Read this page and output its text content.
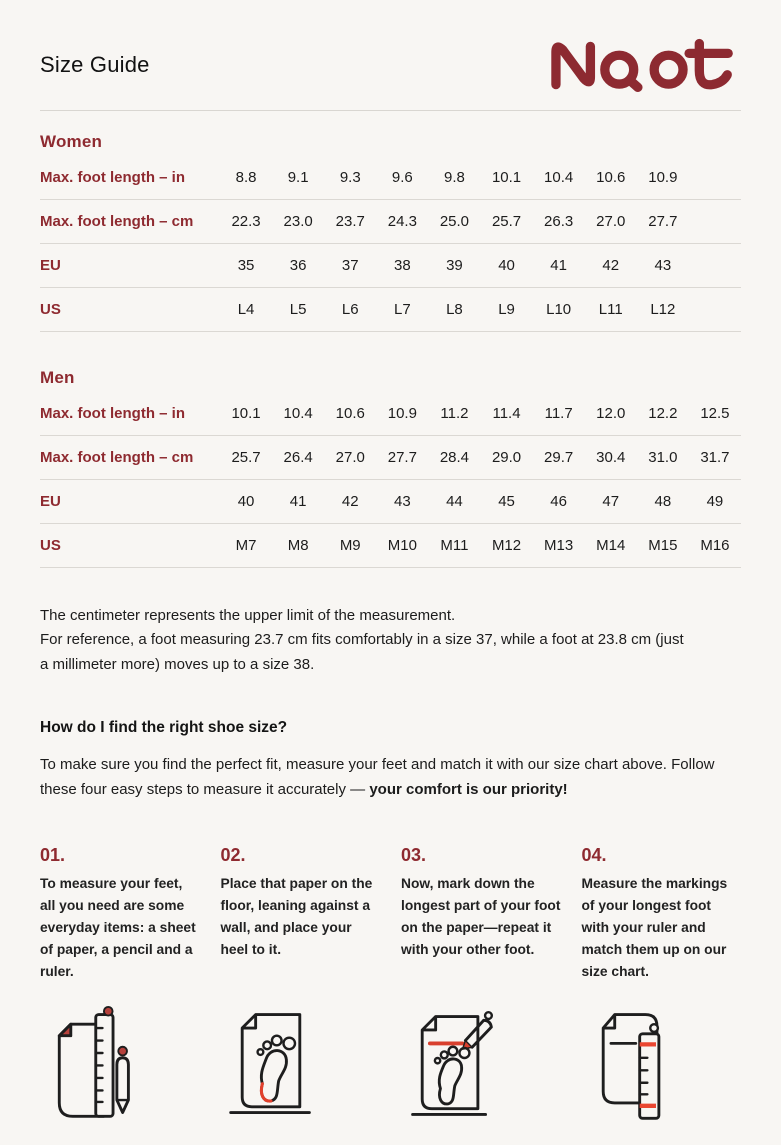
Size Guide
Women
Max. foot length – in	8.8	9.1	9.3	9.6	9.8	10.1	10.4	10.6	10.9
Max. foot length – cm	22.3	23.0	23.7	24.3	25.0	25.7	26.3	27.0	27.7
EU	35	36	37	38	39	40	41	42	43
US	L4	L5	L6	L7	L8	L9	L10	L11	L12
Men
Max. foot length – in	10.1	10.4	10.6	10.9	11.2	11.4	11.7	12.0	12.2	12.5
Max. foot length – cm	25.7	26.4	27.0	27.7	28.4	29.0	29.7	30.4	31.0	31.7
EU	40	41	42	43	44	45	46	47	48	49
US	M7	M8	M9	M10	M11	M12	M13	M14	M15	M16

The centimeter represents the upper limit of the measurement.

For reference, a foot measuring 23.7 cm fits comfortably in a size 37, while a foot at 23.8 cm (just a millimeter more) moves up to a size 38.

How do I find the right shoe size?

To make sure you find the perfect fit, measure your feet and match it with our size chart above. Follow these four easy steps to measure it accurately — your comfort is our priority!

01.
To measure your feet, all you need are some everyday items: a sheet of paper, a pencil and a ruler.
02.
Place that paper on the floor, leaning against a wall, and place your heel to it.
03.
Now, mark down the longest part of your foot on the paper—repeat it with your other foot.
04.
Measure the markings of your longest foot with your ruler and match them up on our size chart.
